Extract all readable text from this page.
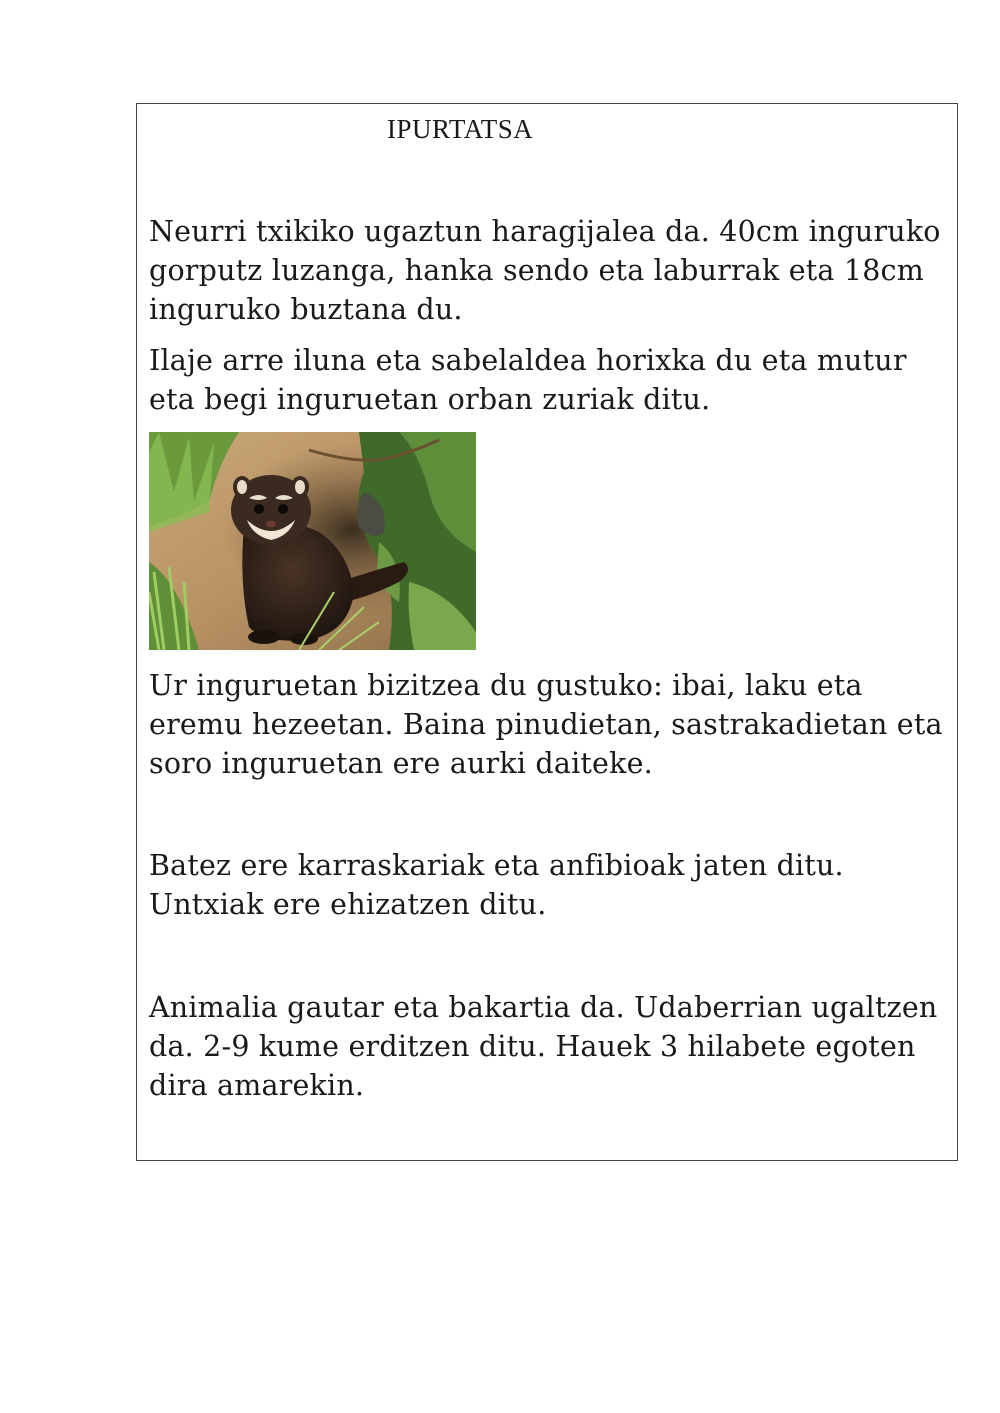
IPURTATSA

Neurri txikiko ugaztun haragijalea da. 40cm inguruko gorputz luzanga, hanka sendo eta laburrak eta 18cm inguruko buztana du.

Ilaje arre iluna eta sabelaldea horixka du eta mutur eta begi inguruetan orban zuriak ditu.

Ur inguruetan bizitzea du gustuko: ibai, laku eta eremu hezeetan. Baina pinudietan, sastrakadietan eta soro inguruetan ere aurki daiteke.

Batez ere karraskariak eta anfibioak jaten ditu. Untxiak ere ehizatzen ditu.

Animalia gautar eta bakartia da. Udaberrian ugaltzen da. 2-9 kume erditzen ditu. Hauek 3 hilabete egoten dira amarekin.
